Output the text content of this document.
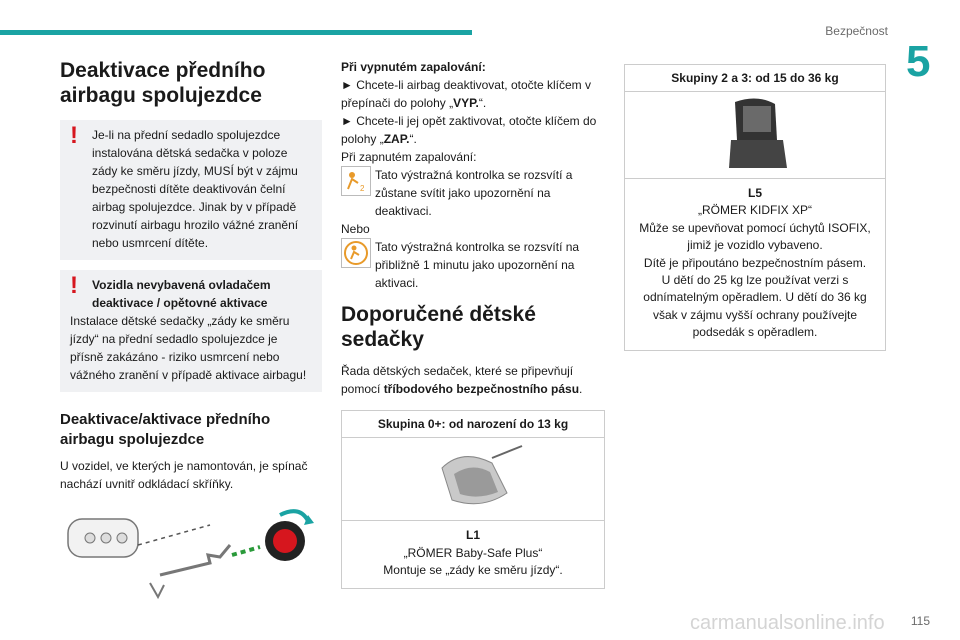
Bezpečnost
5
Deaktivace předního airbagu spolujezdce
!	Je-li na přední sedadlo spolujezdce instalována dětská sedačka v poloze zády ke směru jízdy, MUSÍ být v zájmu bezpečnosti dítěte deaktivován čelní airbag spolujezdce. Jinak by v případě rozvinutí airbagu hrozilo vážné zranění nebo usmrcení dítěte.

!	Vozidla nevybavená ovladačem deaktivace / opětovné aktivace

Instalace dětské sedačky „zády ke směru jízdy“ na přední sedadlo spolujezdce je přísně zakázáno - riziko usmrcení nebo vážného zranění v případě aktivace airbagu!

Deaktivace/aktivace předního airbagu spolujezdce

U vozidel, ve kterých je namontován, je spínač nachází uvnitř odkládací skříňky.

Při vypnutém zapalování:

► Chcete-li airbag deaktivovat, otočte klíčem v přepínači do polohy „VYP.“.

► Chcete-li jej opět zaktivovat, otočte klíčem do polohy „ZAP.“.

Při zapnutém zapalování:

2

Tato výstražná kontrolka se rozsvítí a zůstane svítit jako upozornění na deaktivaci.

Nebo

Tato výstražná kontrolka se rozsvítí na přibližně 1 minutu jako upozornění na aktivaci.

Doporučené dětské sedačky

Řada dětských sedaček, které se připevňují pomocí tříbodového bezpečnostního pásu.

Skupina 0+: od narození do 13 kg
L1
„RÖMER Baby-Safe Plus“
Montuje se „zády ke směru jízdy“.
Skupiny 2 a 3: od 15 do 36 kg
L5
„RÖMER KIDFIX XP“
Může se upevňovat pomocí úchytů ISOFIX, jimiž je vozidlo vybaveno.
Dítě je připoutáno bezpečnostním pásem.
U dětí do 25 kg lze používat verzi s odnímatelným opěradlem. U dětí do 36 kg však v zájmu vyšší ochrany používejte podsedák s opěradlem.
carmanualsonline.info 115
